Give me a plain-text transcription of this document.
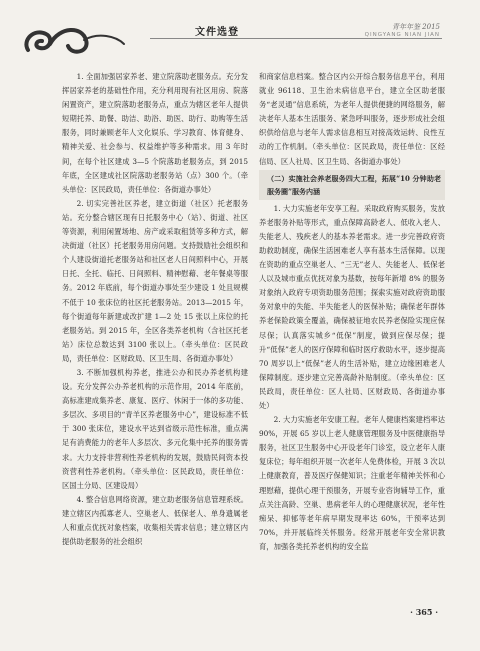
文件选登	青年年鉴 2015
QINGYANG NIAN JIAN

1. 全面加强居家养老、建立院落助老服务点。充分发挥居家养老的基础性作用，充分利用现有社区用房、院落闲置资产，建立院落助老服务点，重点为辖区老年人提供短期托养、助餐、助洁、助浴、助医、助行、助购等生活服务，同时兼顾老年人文化娱乐、学习教育、体育健身、精神关爱、社会参与、权益维护等多种需求。用 3 年时间，在每个社区建成 3—5 个院落助老服务点，到 2015 年底，全区建成社区院落助老服务站（点）300 个。（牵头单位：区民政局，责任单位：各街道办事处）

2. 切实完善社区养老，建立街道（社区）托老服务站。充分整合辖区现有日托服务中心（站）、街道、社区等资源，利用闲置场地、房产或采取租赁等多种方式，解决街道（社区）托老服务用房问题。支持鼓励社会组织和个人建设街道托老服务站和社区老人日间照料中心，开展日托、全托、临托、日间照料、精神慰藉、老年餐桌等服务。2012 年底前，每个街道办事处至少建设 1 处且规模不低于 10 张床位的社区托老服务站。2013—2015 年，每个街道每年新建或改扩建 1—2 处 15 张以上床位的托老服务站。到 2015 年，全区各类养老机构（含社区托老站）床位总数达到 3100 张以上。（牵头单位：区民政局，责任单位：区财政局、区卫生局、各街道办事处）

3. 不断加强机构养老，推进公办和民办养老机构建设。充分发挥公办养老机构的示范作用，2014 年底前，高标准建成集养老、康复、医疗、休闲于一体的多功能、多层次、多项目的“青羊区养老服务中心”，建设标准不低于 300 张床位，建设水平达到省级示范性标准，重点满足有消费能力的老年人多层次、多元化集中托养的服务需求。大力支持非营利性养老机构的发展，鼓励民间资本投资营利性养老机构。（牵头单位：区民政局，责任单位：区国土分局、区建设局）

4. 整合信息网络资源，建立助老服务信息管理系统。建立辖区内孤寡老人、空巢老人、低保老人、单身遗属老人和重点优抚对象档案，收集相关需求信息；建立辖区内提供助老服务的社会组织

和商家信息档案。整合区内公开综合服务信息平台，利用就业 96118、卫生治未病信息平台，建立全区助老服务“老灵通”信息系统，为老年人提供便捷的网络服务，解决老年人基本生活服务、紧急呼叫服务，逐步形成社会组织供给信息与老年人需求信息相互对接高效运转、良性互动的工作机制。（牵头单位：区民政局，责任单位：区经信局、区人社局、区卫生局、各街道办事处）

（二）实施社会养老服务四大工程，拓展“10 分钟助老服务圈”服务内涵

1. 大力实施老年安享工程。采取政府购买服务，发放养老服务补贴等形式，重点保障高龄老人、低收入老人、失能老人、残疾老人的基本养老需求。进一步完善政府资助救助制度，确保生活困难老人享有基本生活保障。以现在资助的重点空巢老人、“三无”老人、失能老人、低保老人以及城市重点优抚对象为基数，按每年新增 8% 的服务对象纳入政府专项资助服务范围；探索实施对政府资助服务对象中的失能、半失能老人的医保补贴；确保老年群体养老保险政策全覆盖，确保被征地农民养老保险实现应保尽保；认真落实城乡“低保”制度，做到应保尽保；提升“低保”老人的医疗保障和临时医疗救助水平，逐步提高 70 周岁以上“低保”老人的生活补贴，建立边缘困难老人保障制度。逐步建立完善高龄补贴制度。（牵头单位：区民政局，责任单位：区人社局、区财政局、各街道办事处）

2. 大力实施老年安康工程。老年人健康档案建档率达 90%，开展 65 岁以上老人健康管理服务及中医健康指导服务，社区卫生服务中心开设老年门诊室，设立老年人康复床位；每年组织开展一次老年人免费体检，开展 3 次以上健康教育，普及医疗保健知识；注重老年精神关怀和心理慰藉，提供心理干预服务，开展专业咨询辅导工作，重点关注高龄、空巢、患病老年人的心理健康状况，老年性痴呆、抑郁等老年病早期发现率达 60%，干预率达到 70%，并开展临终关怀服务。经常开展老年安全常识教育，加强各类托养老机构的安全监

· 365 ·
